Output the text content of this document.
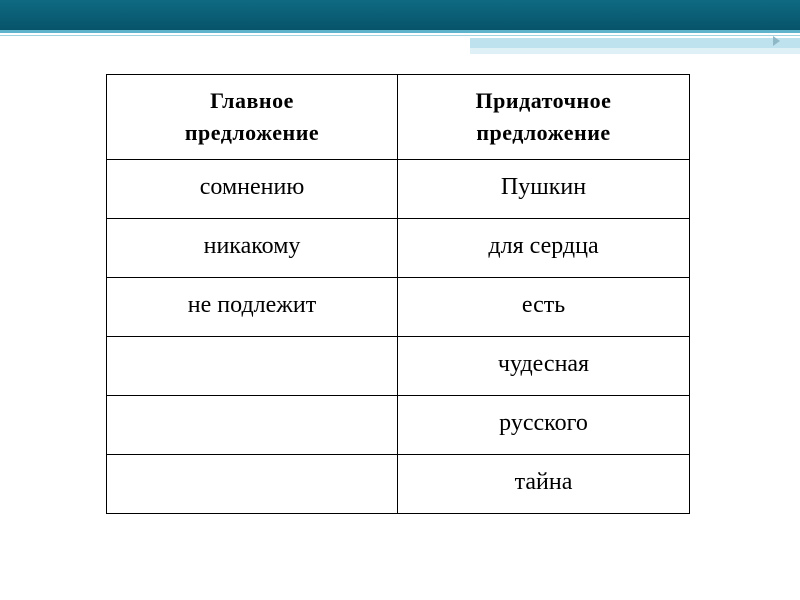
Главное предложение	Придаточное предложение
сомнению	Пушкин
никакому	для сердца
не подлежит	есть
	чудесная
	русского
	тайна
